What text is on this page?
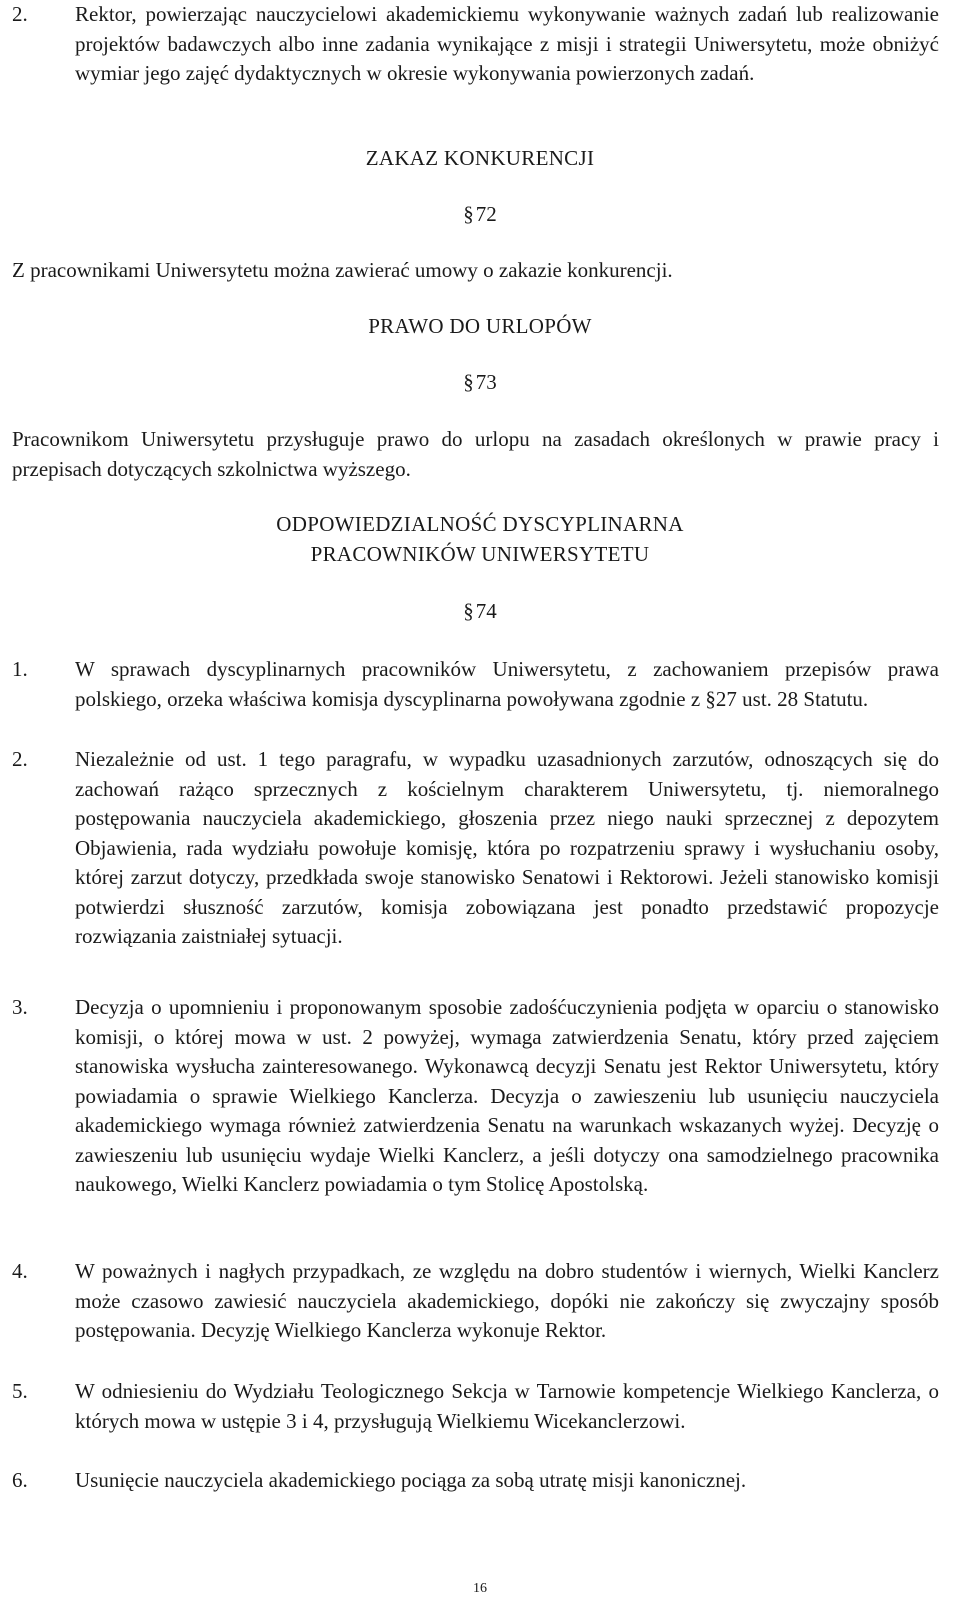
2.	Rektor, powierzając nauczycielowi akademickiemu wykonywanie ważnych zadań lub realizowanie projektów badawczych albo inne zadania wynikające z misji i strategii Uniwersytetu, może obniżyć wymiar jego zajęć dydaktycznych w okresie wykonywania powierzonych zadań.
ZAKAZ KONKURENCJI
§72
Z pracownikami Uniwersytetu można zawierać umowy o zakazie konkurencji.
PRAWO DO URLOPÓW
§73
Pracownikom Uniwersytetu przysługuje prawo do urlopu na zasadach określonych w prawie pracy i przepisach dotyczących szkolnictwa wyższego.
ODPOWIEDZIALNOŚĆ DYSCYPLINARNA
PRACOWNIKÓW UNIWERSYTETU
§74
1.	W sprawach dyscyplinarnych pracowników Uniwersytetu, z zachowaniem przepisów prawa polskiego, orzeka właściwa komisja dyscyplinarna powoływana zgodnie z §27 ust. 28 Statutu.
2.	Niezależnie od ust. 1 tego paragrafu, w wypadku uzasadnionych zarzutów, odnoszących się do zachowań rażąco sprzecznych z kościelnym charakterem Uniwersytetu, tj. niemoralnego postępowania nauczyciela akademickiego, głoszenia przez niego nauki sprzecznej z depozytem Objawienia, rada wydziału powołuje komisję, która po rozpatrzeniu sprawy i wysłuchaniu osoby, której zarzut dotyczy, przedkłada swoje stanowisko Senatowi i Rektorowi. Jeżeli stanowisko komisji potwierdzi słuszność zarzutów, komisja zobowiązana jest ponadto przedstawić propozycje rozwiązania zaistniałej sytuacji.
3.	Decyzja o upomnieniu i proponowanym sposobie zadośćuczynienia podjęta w oparciu o stanowisko komisji, o której mowa w ust. 2 powyżej, wymaga zatwierdzenia Senatu, który przed zajęciem stanowiska wysłucha zainteresowanego. Wykonawcą decyzji Senatu jest Rektor Uniwersytetu, który powiadamia o sprawie Wielkiego Kanclerza. Decyzja o zawieszeniu lub usunięciu nauczyciela akademickiego wymaga również zatwierdzenia Senatu na warunkach wskazanych wyżej. Decyzję o zawieszeniu lub usunięciu wydaje Wielki Kanclerz, a jeśli dotyczy ona samodzielnego pracownika naukowego, Wielki Kanclerz powiadamia o tym Stolicę Apostolską.
4.	W poważnych i nagłych przypadkach, ze względu na dobro studentów i wiernych, Wielki Kanclerz może czasowo zawiesić nauczyciela akademickiego, dopóki nie zakończy się zwyczajny sposób postępowania. Decyzję Wielkiego Kanclerza wykonuje Rektor.
5.	W odniesieniu do Wydziału Teologicznego Sekcja w Tarnowie kompetencje Wielkiego Kanclerza, o których mowa w ustępie 3 i 4, przysługują Wielkiemu Wicekanclerzowi.
6.	Usunięcie nauczyciela akademickiego pociąga za sobą utratę misji kanonicznej.
16
